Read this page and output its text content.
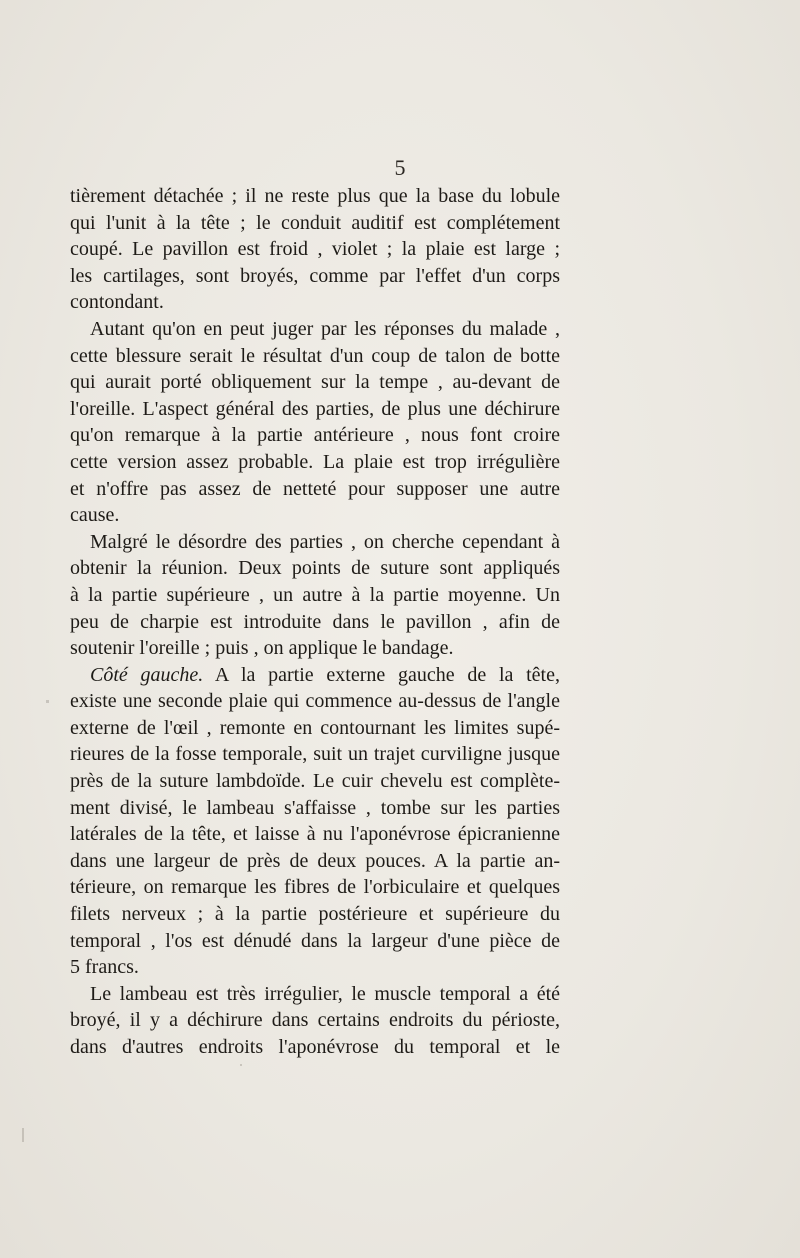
5

tièrement détachée ; il ne reste plus que la base du lobule
qui l'unit à la tête ; le conduit auditif est complétement
coupé. Le pavillon est froid , violet ; la plaie est large ;
les cartilages, sont broyés, comme par l'effet d'un corps
contondant.

Autant qu'on en peut juger par les réponses du malade ,
cette blessure serait le résultat d'un coup de talon de botte
qui aurait porté obliquement sur la tempe , au-devant de
l'oreille. L'aspect général des parties, de plus une déchirure
qu'on remarque à la partie antérieure , nous font croire
cette version assez probable. La plaie est trop irrégulière
et n'offre pas assez de netteté pour supposer une autre
cause.

Malgré le désordre des parties , on cherche cependant à
obtenir la réunion. Deux points de suture sont appliqués
à la partie supérieure , un autre à la partie moyenne. Un
peu de charpie est introduite dans le pavillon , afin de
soutenir l'oreille ; puis , on applique le bandage.

Côté gauche. A la partie externe gauche de la tête,
existe une seconde plaie qui commence au-dessus de l'angle
externe de l'œil , remonte en contournant les limites supé-
rieures de la fosse temporale, suit un trajet curviligne jusque
près de la suture lambdoïde. Le cuir chevelu est complète-
ment divisé, le lambeau s'affaisse , tombe sur les parties
latérales de la tête, et laisse à nu l'aponévrose épicranienne
dans une largeur de près de deux pouces. A la partie an-
térieure, on remarque les fibres de l'orbiculaire et quelques
filets nerveux ; à la partie postérieure et supérieure du
temporal , l'os est dénudé dans la largeur d'une pièce de
5 francs.

Le lambeau est très irrégulier, le muscle temporal a été
broyé, il y a déchirure dans certains endroits du périoste,
dans d'autres endroits l'aponévrose du temporal et le
